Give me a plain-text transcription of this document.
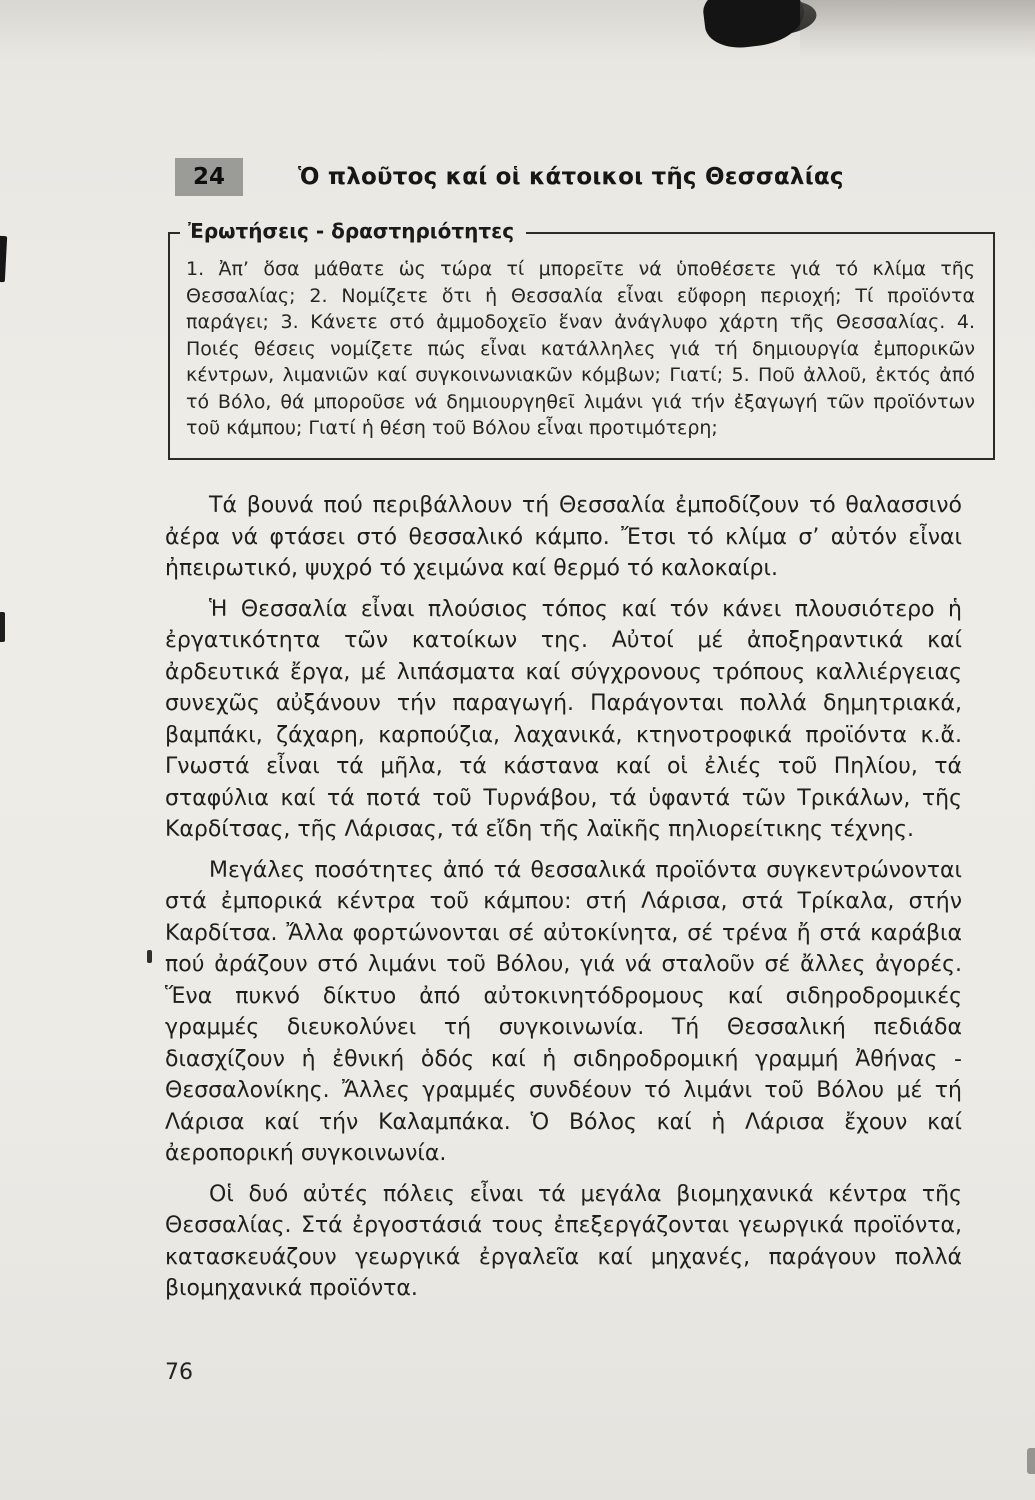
24	Ὁ πλοῦτος καί οἱ κάτοικοι τῆς Θεσσαλίας
Ἐρωτήσεις - δραστηριότητες

1. Ἀπ’ ὅσα μάθατε ὡς τώρα τί μπορεῖτε νά ὑποθέσετε γιά τό κλίμα τῆς Θεσσαλίας; 2. Νομίζετε ὅτι ἡ Θεσσαλία εἶναι εὔφορη περιοχή; Τί προϊόντα παράγει; 3. Κάνετε στό ἀμμοδοχεῖο ἕναν ἀνάγλυφο χάρτη τῆς Θεσσαλίας. 4. Ποιές θέσεις νομίζετε πώς εἶναι κατάλληλες γιά τή δημιουργία ἐμπορικῶν κέντρων, λιμανιῶν καί συγκοινωνιακῶν κόμβων; Γιατί; 5. Ποῦ ἀλλοῦ, ἐκτός ἀπό τό Βόλο, θά μποροῦσε νά δημιουργηθεῖ λιμάνι γιά τήν ἐξαγωγή τῶν προϊόντων τοῦ κάμπου; Γιατί ἡ θέση τοῦ Βόλου εἶναι προτιμότερη;

Τά βουνά πού περιβάλλουν τή Θεσσαλία ἐμποδίζουν τό θαλασσινό ἀέρα νά φτάσει στό θεσσαλικό κάμπο. Ἔτσι τό κλίμα σ’ αὐτόν εἶναι ἠπειρωτικό, ψυχρό τό χειμώνα καί θερμό τό καλοκαίρι.

Ἡ Θεσσαλία εἶναι πλούσιος τόπος καί τόν κάνει πλουσιότερο ἡ ἐργατικότητα τῶν κατοίκων της. Αὐτοί μέ ἀποξηραντικά καί ἀρδευτικά ἔργα, μέ λιπάσματα καί σύγχρονους τρόπους καλλιέργειας συνεχῶς αὐξάνουν τήν παραγωγή. Παράγονται πολλά δημητριακά, βαμπάκι, ζάχαρη, καρπούζια, λαχανικά, κτηνοτροφικά προϊόντα κ.ἄ. Γνωστά εἶναι τά μῆλα, τά κάστανα καί οἱ ἐλιές τοῦ Πηλίου, τά σταφύλια καί τά ποτά τοῦ Τυρνάβου, τά ὑφαντά τῶν Τρικάλων, τῆς Καρδίτσας, τῆς Λάρισας, τά εἴδη τῆς λαϊκῆς πηλιορείτικης τέχνης.

Μεγάλες ποσότητες ἀπό τά θεσσαλικά προϊόντα συγκεντρώνονται στά ἐμπορικά κέντρα τοῦ κάμπου: στή Λάρισα, στά Τρίκαλα, στήν Καρδίτσα. Ἄλλα φορτώνονται σέ αὐτοκίνητα, σέ τρένα ἤ στά καράβια πού ἀράζουν στό λιμάνι τοῦ Βόλου, γιά νά σταλοῦν σέ ἄλλες ἀγορές. Ἕνα πυκνό δίκτυο ἀπό αὐτοκινητόδρομους καί σιδηροδρομικές γραμμές διευκολύνει τή συγκοινωνία. Τή Θεσσαλική πεδιάδα διασχίζουν ἡ ἐθνική ὁδός καί ἡ σιδηροδρομική γραμμή Ἀθήνας - Θεσσαλονίκης. Ἄλλες γραμμές συνδέουν τό λιμάνι τοῦ Βόλου μέ τή Λάρισα καί τήν Καλαμπάκα. Ὁ Βόλος καί ἡ Λάρισα ἔχουν καί ἀεροπορική συγκοινωνία.

Οἱ δυό αὐτές πόλεις εἶναι τά μεγάλα βιομηχανικά κέντρα τῆς Θεσσαλίας. Στά ἐργοστάσιά τους ἐπεξεργάζονται γεωργικά προϊόντα, κατασκευάζουν γεωργικά ἐργαλεῖα καί μηχανές, παράγουν πολλά βιομηχανικά προϊόντα.

76
